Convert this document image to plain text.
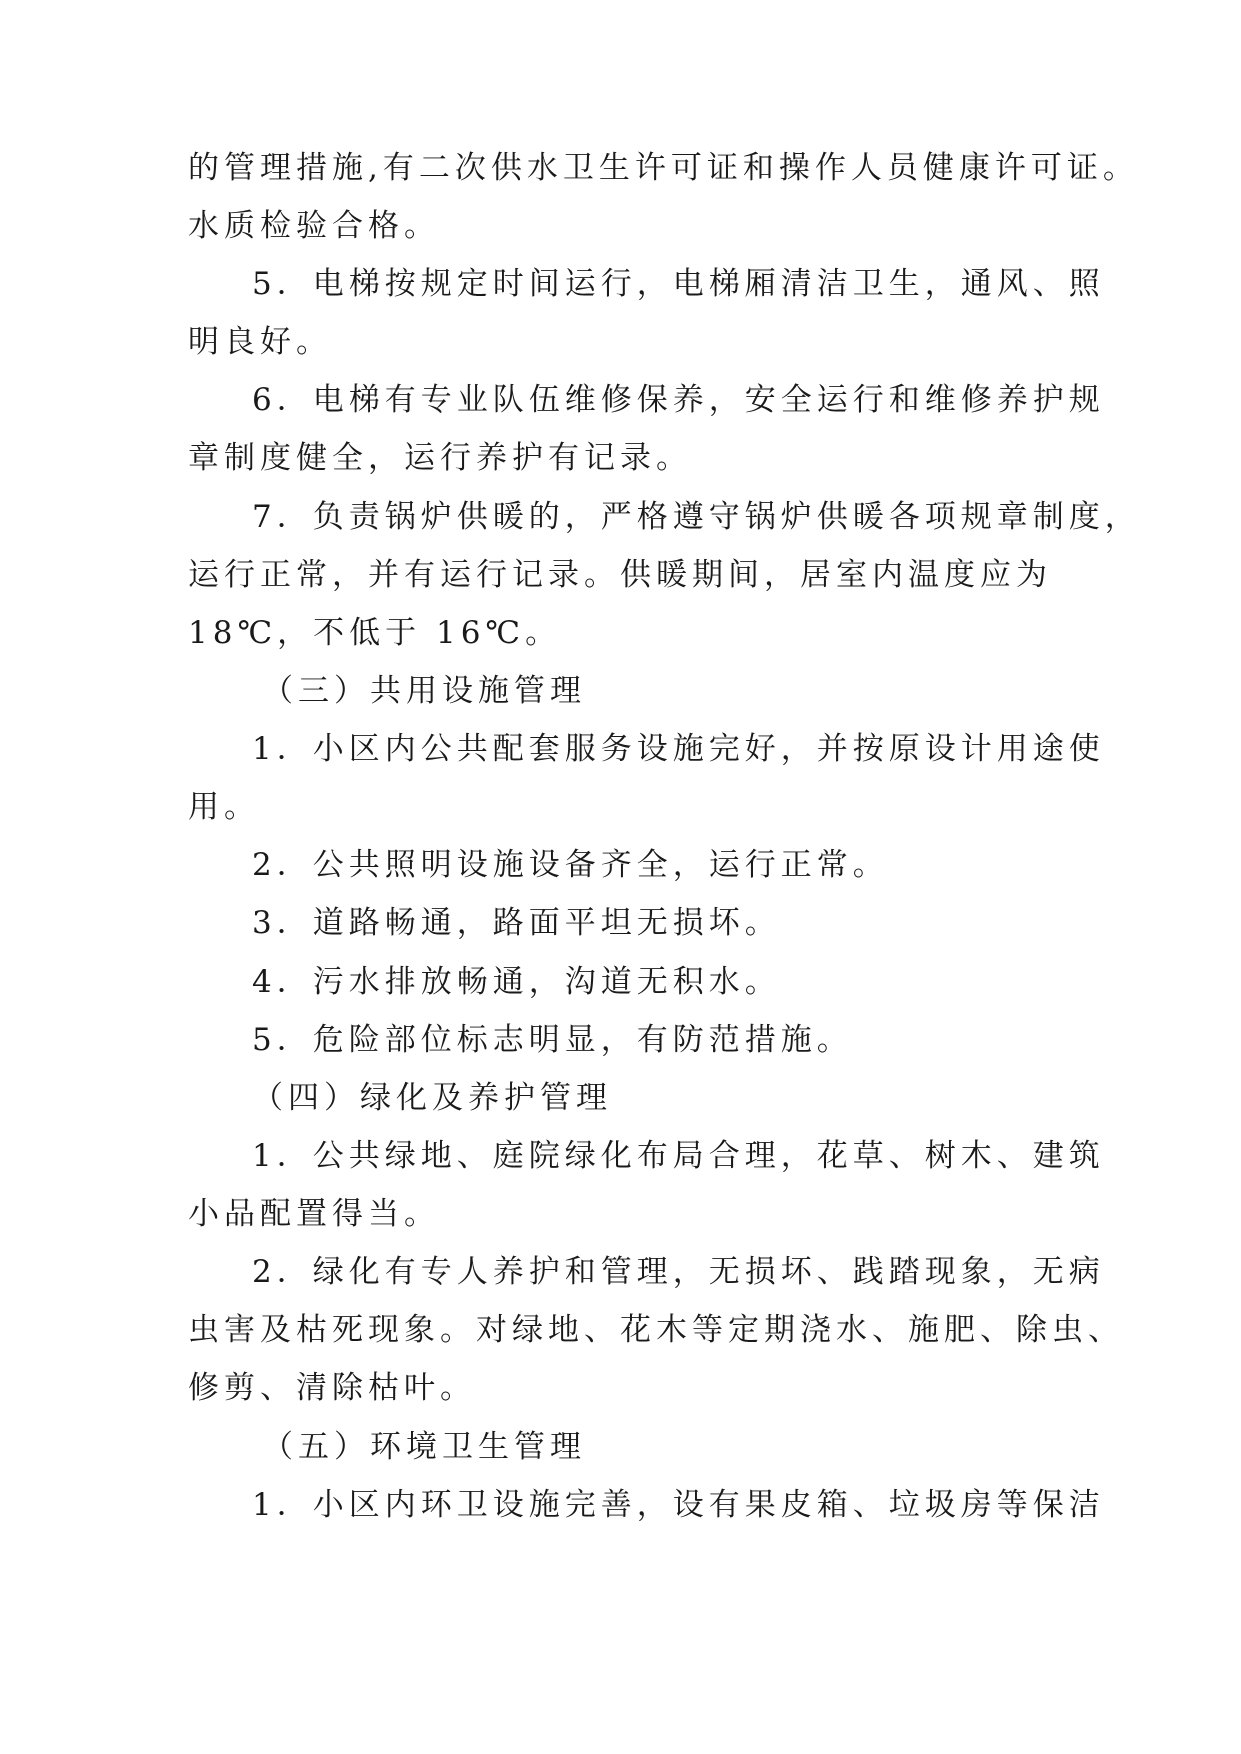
的管理措施,有二次供水卫生许可证和操作人员健康许可证。
水质检验合格。
5．电梯按规定时间运行，电梯厢清洁卫生，通风、照
明良好。
6．电梯有专业队伍维修保养，安全运行和维修养护规
章制度健全，运行养护有记录。
7．负责锅炉供暖的，严格遵守锅炉供暖各项规章制度，
运行正常，并有运行记录。供暖期间，居室内温度应为
18℃，不低于 16℃。
（三）共用设施管理
1．小区内公共配套服务设施完好，并按原设计用途使
用。
2．公共照明设施设备齐全，运行正常。
3．道路畅通，路面平坦无损坏。
4．污水排放畅通，沟道无积水。
5．危险部位标志明显，有防范措施。
（四）绿化及养护管理
1．公共绿地、庭院绿化布局合理，花草、树木、建筑
小品配置得当。
2．绿化有专人养护和管理，无损坏、践踏现象，无病
虫害及枯死现象。对绿地、花木等定期浇水、施肥、除虫、
修剪、清除枯叶。
（五）环境卫生管理
1．小区内环卫设施完善，设有果皮箱、垃圾房等保洁
